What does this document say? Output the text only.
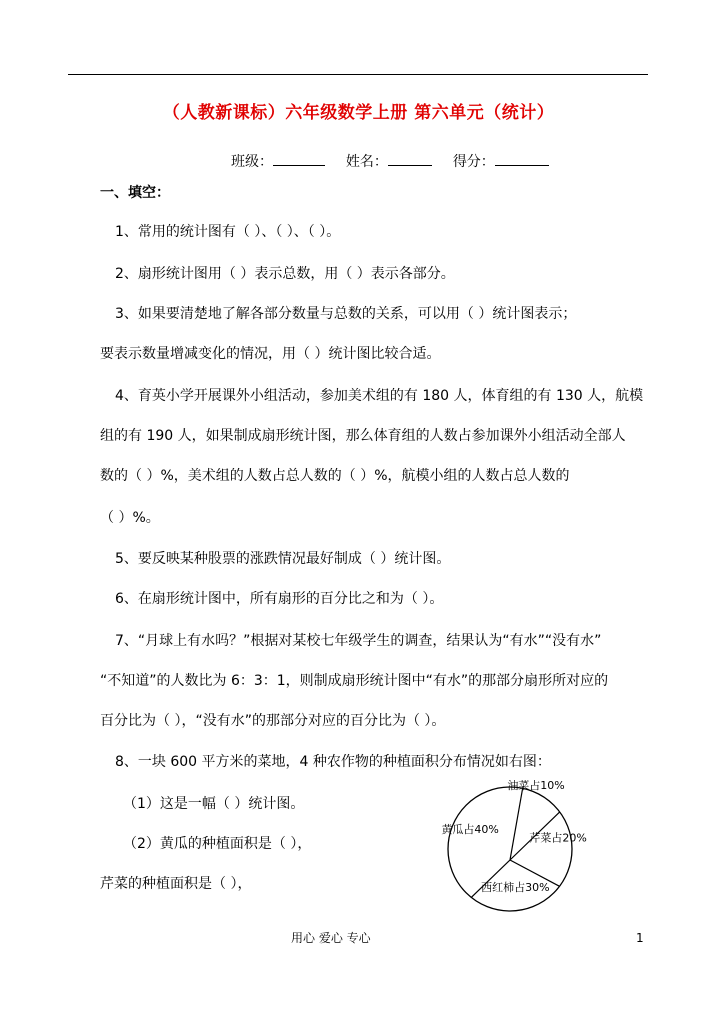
（人教新课标）六年级数学上册 第六单元（统计）
班级：	姓名：	得分：
一、填空：
1、常用的统计图有（ ）、（ ）、（ ）。
2、扇形统计图用（ ）表示总数，用（ ）表示各部分。
3、如果要清楚地了解各部分数量与总数的关系，可以用（ ）统计图表示；
要表示数量增减变化的情况，用（ ）统计图比较合适。
4、育英小学开展课外小组活动，参加美术组的有 180 人，体育组的有 130 人，航模
组的有 190 人，如果制成扇形统计图，那么体育组的人数占参加课外小组活动全部人
数的（ ）%，美术组的人数占总人数的（ ）%，航模小组的人数占总人数的
（ ）%。
5、要反映某种股票的涨跌情况最好制成（ ）统计图。
6、在扇形统计图中，所有扇形的百分比之和为（ ）。
7、“月球上有水吗？”根据对某校七年级学生的调查，结果认为“有水”“没有水”
“不知道”的人数比为 6：3：1，则制成扇形统计图中“有水”的那部分扇形所对应的
百分比为（ ），“没有水”的那部分对应的百分比为（ ）。
8、一块 600 平方米的菜地，4 种农作物的种植面积分布情况如右图：
（1）这是一幅（ ）统计图。
（2）黄瓜的种植面积是（ ），
芹菜的种植面积是（ ），
油菜占10%
芹菜占20%
西红柿占30%
黄瓜占40%
用心 爱心 专心	1
